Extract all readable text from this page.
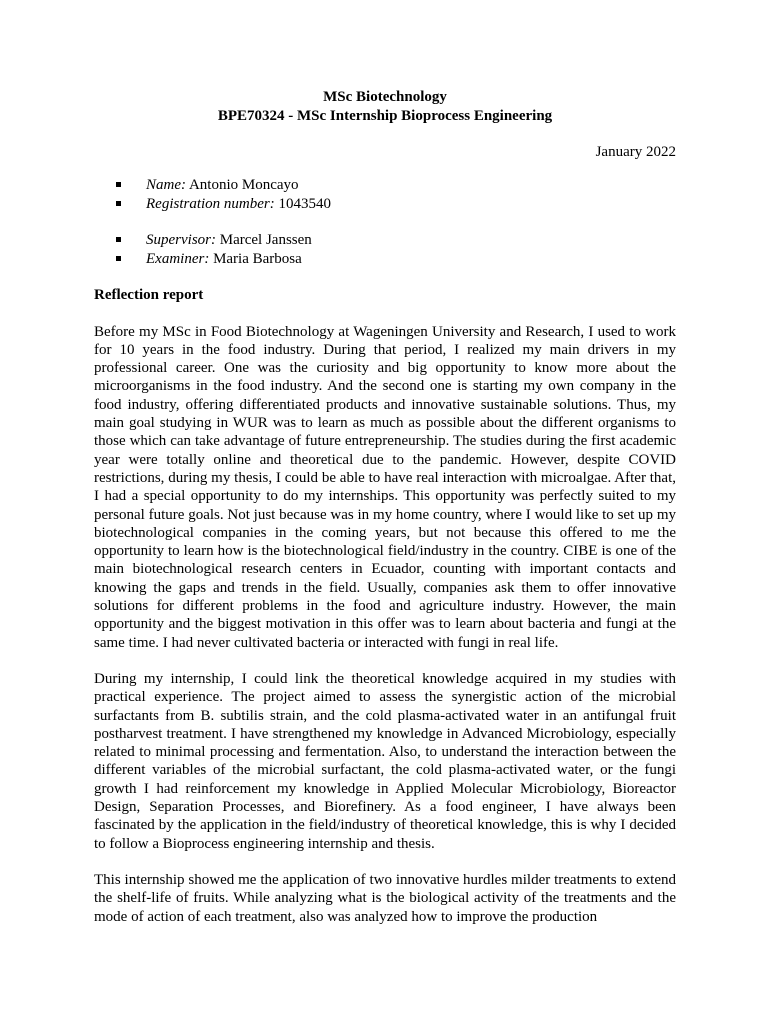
MSc Biotechnology
BPE70324 - MSc Internship Bioprocess Engineering
January 2022
Name: Antonio Moncayo
Registration number: 1043540
Supervisor: Marcel Janssen
Examiner: Maria Barbosa
Reflection report

Before my MSc in Food Biotechnology at Wageningen University and Research, I used to work for 10 years in the food industry. During that period, I realized my main drivers in my professional career. One was the curiosity and big opportunity to know more about the microorganisms in the food industry. And the second one is starting my own company in the food industry, offering differentiated products and innovative sustainable solutions. Thus, my main goal studying in WUR was to learn as much as possible about the different organisms to those which can take advantage of future entrepreneurship. The studies during the first academic year were totally online and theoretical due to the pandemic. However, despite COVID restrictions, during my thesis, I could be able to have real interaction with microalgae. After that, I had a special opportunity to do my internships. This opportunity was perfectly suited to my personal future goals. Not just because was in my home country, where I would like to set up my biotechnological companies in the coming years, but not because this offered to me the opportunity to learn how is the biotechnological field/industry in the country. CIBE is one of the main biotechnological research centers in Ecuador, counting with important contacts and knowing the gaps and trends in the field. Usually, companies ask them to offer innovative solutions for different problems in the food and agriculture industry. However, the main opportunity and the biggest motivation in this offer was to learn about bacteria and fungi at the same time. I had never cultivated bacteria or interacted with fungi in real life.

During my internship, I could link the theoretical knowledge acquired in my studies with practical experience. The project aimed to assess the synergistic action of the microbial surfactants from B. subtilis strain, and the cold plasma-activated water in an antifungal fruit postharvest treatment. I have strengthened my knowledge in Advanced Microbiology, especially related to minimal processing and fermentation. Also, to understand the interaction between the different variables of the microbial surfactant, the cold plasma-activated water, or the fungi growth I had reinforcement my knowledge in Applied Molecular Microbiology, Bioreactor Design, Separation Processes, and Biorefinery. As a food engineer, I have always been fascinated by the application in the field/industry of theoretical knowledge, this is why I decided to follow a Bioprocess engineering internship and thesis.

This internship showed me the application of two innovative hurdles milder treatments to extend the shelf-life of fruits. While analyzing what is the biological activity of the treatments and the mode of action of each treatment, also was analyzed how to improve the production
